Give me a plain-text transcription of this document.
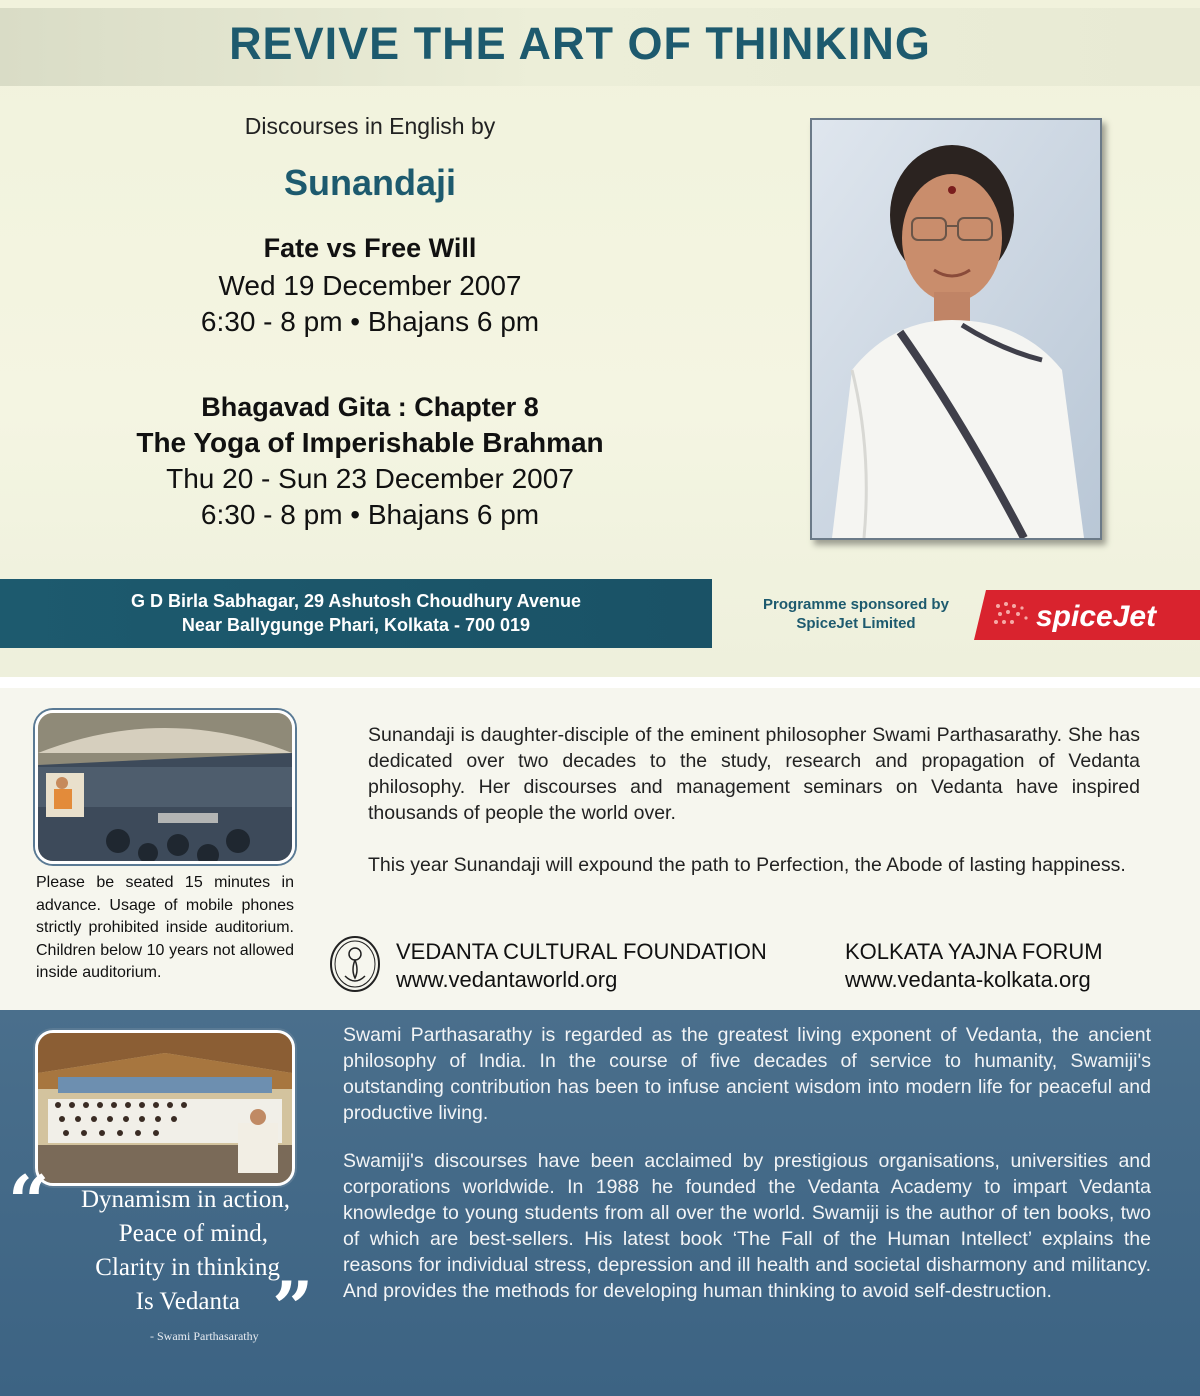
REVIVE THE ART OF THINKING
Discourses in English by
Sunandaji
Fate vs Free Will
Wed 19 December 2007
6:30 - 8 pm • Bhajans 6 pm
Bhagavad Gita : Chapter 8
The Yoga of Imperishable Brahman
Thu 20 - Sun 23 December 2007
6:30 - 8 pm • Bhajans 6 pm
G D Birla Sabhagar, 29 Ashutosh Choudhury Avenue
Near Ballygunge Phari, Kolkata - 700 019
Programme sponsored by
SpiceJet Limited	spiceJet
Please be seated 15 minutes in advance. Usage of mobile phones strictly prohibited inside auditorium. Children below 10 years not allowed inside auditorium.
Sunandaji is daughter-disciple of the eminent philosopher Swami Parthasarathy. She has dedicated over two decades to the study, research and propagation of Vedanta philosophy. Her discourses and management seminars on Vedanta have inspired thousands of people the world over.
This year Sunandaji will expound the path to Perfection, the Abode of lasting happiness.
VEDANTA CULTURAL FOUNDATION
www.vedantaworld.org
KOLKATA YAJNA FORUM
www.vedanta-kolkata.org
Swami Parthasarathy is regarded as the greatest living exponent of Vedanta, the ancient philosophy of India. In the course of five decades of service to humanity, Swamiji's outstanding contribution has been to infuse ancient wisdom into modern life for peaceful and productive living.
Swamiji's discourses have been acclaimed by prestigious organisations, universities and corporations worldwide. In 1988 he founded the Vedanta Academy to impart Vedanta knowledge to young students from all over the world. Swamiji is the author of ten books, two of which are best-sellers. His latest book ‘The Fall of the Human Intellect’ explains the reasons for individual stress, depression and ill health and societal disharmony and militancy. And provides the methods for developing human thinking to avoid self-destruction.
“	Dynamism in action,
Peace of mind,
Clarity in thinking
Is Vedanta ”
- Swami Parthasarathy
